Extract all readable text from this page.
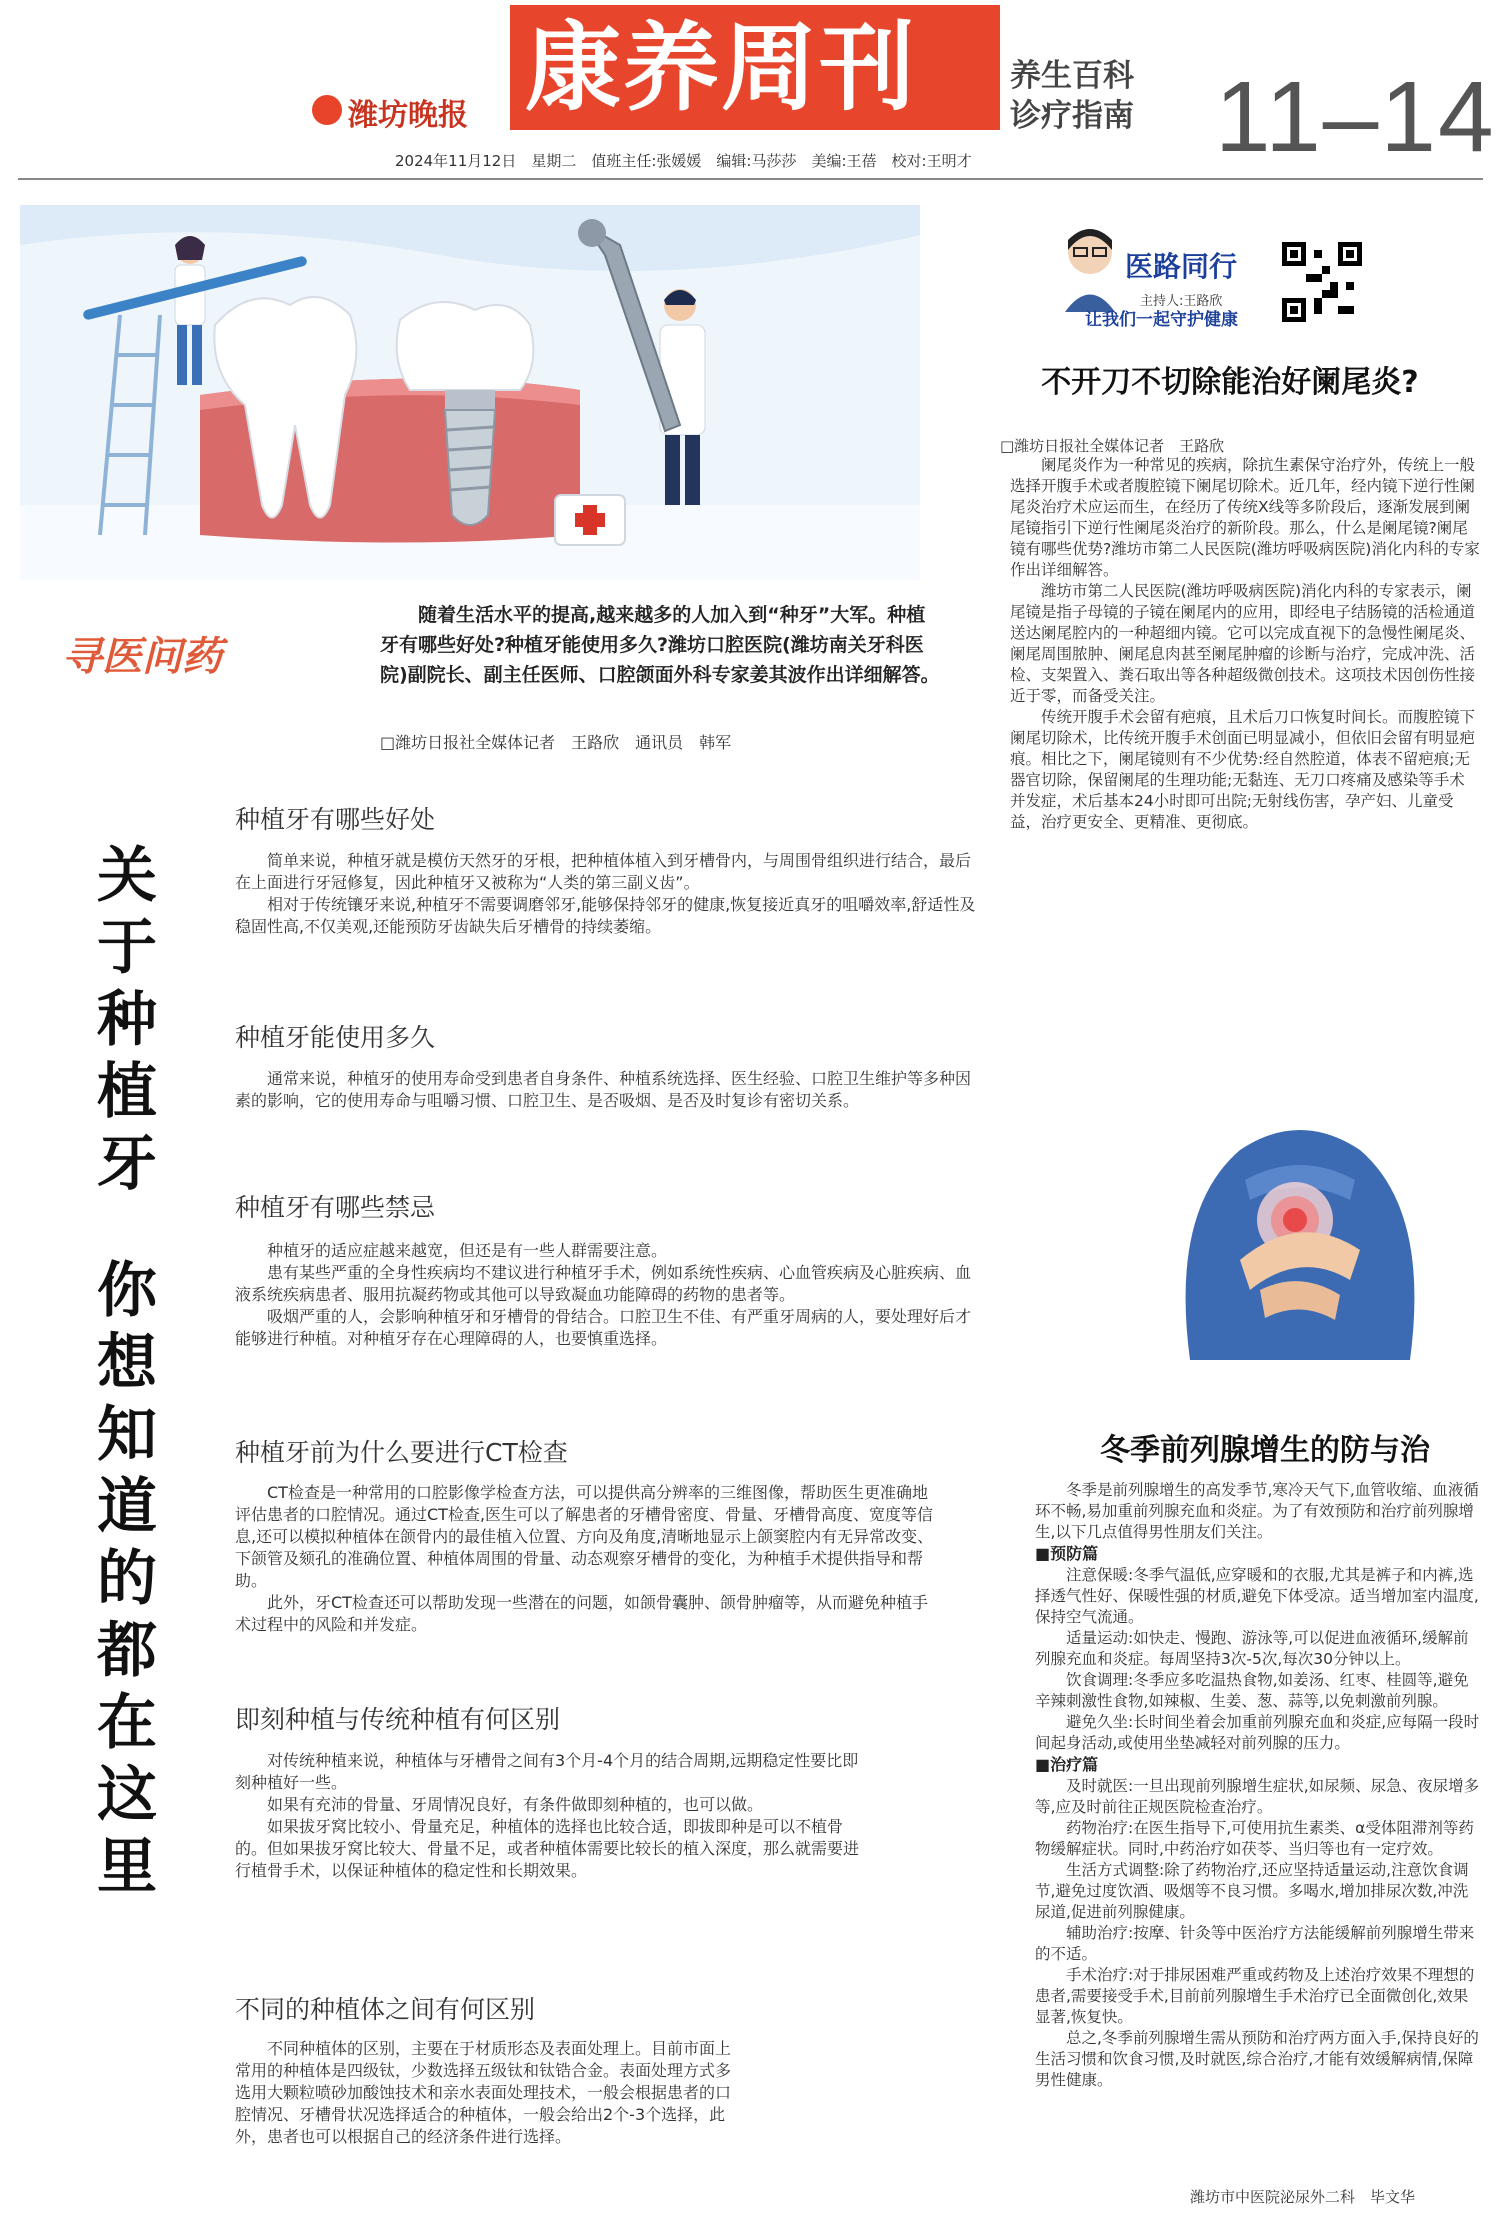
潍坊晚报 康养周刊	养生百科
诊疗指南 11–14
2024年11月12日　星期二　值班主任:张媛媛　编辑:马莎莎　美编:王蓓　校对:王明才
寻医问药
随着生活水平的提高,越来越多的人加入到“种牙”大军。种植牙有哪些好处?种植牙能使用多久?潍坊口腔医院(潍坊南关牙科医院)副院长、副主任医师、口腔颌面外科专家姜其波作出详细解答。
□潍坊日报社全媒体记者　王路欣　通讯员　韩军
关于种植牙
你想知道的都在这里
种植牙有哪些好处
简单来说，种植牙就是模仿天然牙的牙根，把种植体植入到牙槽骨内，与周围骨组织进行结合，最后在上面进行牙冠修复，因此种植牙又被称为“人类的第三副义齿”。
相对于传统镶牙来说,种植牙不需要调磨邻牙,能够保持邻牙的健康,恢复接近真牙的咀嚼效率,舒适性及稳固性高,不仅美观,还能预防牙齿缺失后牙槽骨的持续萎缩。
种植牙能使用多久
通常来说，种植牙的使用寿命受到患者自身条件、种植系统选择、医生经验、口腔卫生维护等多种因素的影响，它的使用寿命与咀嚼习惯、口腔卫生、是否吸烟、是否及时复诊有密切关系。
种植牙有哪些禁忌
种植牙的适应症越来越宽，但还是有一些人群需要注意。
患有某些严重的全身性疾病均不建议进行种植牙手术，例如系统性疾病、心血管疾病及心脏疾病、血液系统疾病患者、服用抗凝药物或其他可以导致凝血功能障碍的药物的患者等。
吸烟严重的人，会影响种植牙和牙槽骨的骨结合。口腔卫生不佳、有严重牙周病的人，要处理好后才能够进行种植。对种植牙存在心理障碍的人，也要慎重选择。
种植牙前为什么要进行CT检查
CT检查是一种常用的口腔影像学检查方法，可以提供高分辨率的三维图像，帮助医生更准确地评估患者的口腔情况。通过CT检查,医生可以了解患者的牙槽骨密度、骨量、牙槽骨高度、宽度等信息,还可以模拟种植体在颌骨内的最佳植入位置、方向及角度,清晰地显示上颌窦腔内有无异常改变、下颌管及颏孔的准确位置、种植体周围的骨量、动态观察牙槽骨的变化，为种植手术提供指导和帮助。
此外，牙CT检查还可以帮助发现一些潜在的问题，如颌骨囊肿、颌骨肿瘤等，从而避免种植手术过程中的风险和并发症。
即刻种植与传统种植有何区别
对传统种植来说，种植体与牙槽骨之间有3个月-4个月的结合周期,远期稳定性要比即刻种植好一些。
如果有充沛的骨量、牙周情况良好，有条件做即刻种植的，也可以做。
如果拔牙窝比较小、骨量充足，种植体的选择也比较合适，即拔即种是可以不植骨的。但如果拔牙窝比较大、骨量不足，或者种植体需要比较长的植入深度，那么就需要进行植骨手术，以保证种植体的稳定性和长期效果。
不同的种植体之间有何区别
不同种植体的区别，主要在于材质形态及表面处理上。目前市面上常用的种植体是四级钛，少数选择五级钛和钛锆合金。表面处理方式多选用大颗粒喷砂加酸蚀技术和亲水表面处理技术，一般会根据患者的口腔情况、牙槽骨状况选择适合的种植体，一般会给出2个-3个选择，此外，患者也可以根据自己的经济条件进行选择。
医路同行
主持人:王路欣
让我们一起守护健康
不开刀不切除能治好阑尾炎?
□潍坊日报社全媒体记者　王路欣
阑尾炎作为一种常见的疾病，除抗生素保守治疗外，传统上一般选择开腹手术或者腹腔镜下阑尾切除术。近几年，经内镜下逆行性阑尾炎治疗术应运而生，在经历了传统X线等多阶段后，逐渐发展到阑尾镜指引下逆行性阑尾炎治疗的新阶段。那么，什么是阑尾镜?阑尾镜有哪些优势?潍坊市第二人民医院(潍坊呼吸病医院)消化内科的专家作出详细解答。
潍坊市第二人民医院(潍坊呼吸病医院)消化内科的专家表示，阑尾镜是指子母镜的子镜在阑尾内的应用，即经电子结肠镜的活检通道送达阑尾腔内的一种超细内镜。它可以完成直视下的急慢性阑尾炎、阑尾周围脓肿、阑尾息肉甚至阑尾肿瘤的诊断与治疗，完成冲洗、活检、支架置入、粪石取出等各种超级微创技术。这项技术因创伤性接近于零，而备受关注。
传统开腹手术会留有疤痕，且术后刀口恢复时间长。而腹腔镜下阑尾切除术，比传统开腹手术创面已明显减小，但依旧会留有明显疤痕。相比之下，阑尾镜则有不少优势:经自然腔道，体表不留疤痕;无器官切除，保留阑尾的生理功能;无黏连、无刀口疼痛及感染等手术并发症，术后基本24小时即可出院;无射线伤害，孕产妇、儿童受益，治疗更安全、更精准、更彻底。
冬季前列腺增生的防与治
冬季是前列腺增生的高发季节,寒冷天气下,血管收缩、血液循环不畅,易加重前列腺充血和炎症。为了有效预防和治疗前列腺增生,以下几点值得男性朋友们关注。
■预防篇
注意保暖:冬季气温低,应穿暖和的衣服,尤其是裤子和内裤,选择透气性好、保暖性强的材质,避免下体受凉。适当增加室内温度,保持空气流通。
适量运动:如快走、慢跑、游泳等,可以促进血液循环,缓解前列腺充血和炎症。每周坚持3次-5次,每次30分钟以上。
饮食调理:冬季应多吃温热食物,如姜汤、红枣、桂圆等,避免辛辣刺激性食物,如辣椒、生姜、葱、蒜等,以免刺激前列腺。
避免久坐:长时间坐着会加重前列腺充血和炎症,应每隔一段时间起身活动,或使用坐垫减轻对前列腺的压力。
■治疗篇
及时就医:一旦出现前列腺增生症状,如尿频、尿急、夜尿增多等,应及时前往正规医院检查治疗。
药物治疗:在医生指导下,可使用抗生素类、α受体阻滞剂等药物缓解症状。同时,中药治疗如茯苓、当归等也有一定疗效。
生活方式调整:除了药物治疗,还应坚持适量运动,注意饮食调节,避免过度饮酒、吸烟等不良习惯。多喝水,增加排尿次数,冲洗尿道,促进前列腺健康。
辅助治疗:按摩、针灸等中医治疗方法能缓解前列腺增生带来的不适。
手术治疗:对于排尿困难严重或药物及上述治疗效果不理想的患者,需要接受手术,目前前列腺增生手术治疗已全面微创化,效果显著,恢复快。
总之,冬季前列腺增生需从预防和治疗两方面入手,保持良好的生活习惯和饮食习惯,及时就医,综合治疗,才能有效缓解病情,保障男性健康。
潍坊市中医院泌尿外二科　毕文华
